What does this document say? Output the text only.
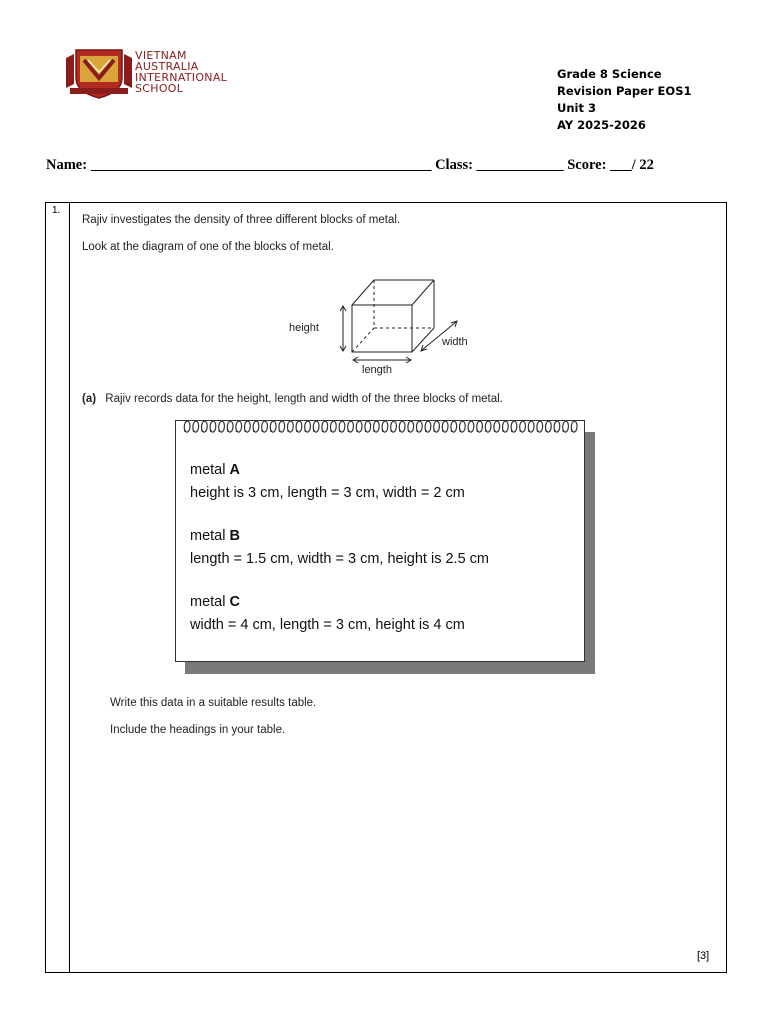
VIETNAM
AUSTRALIA
INTERNATIONAL
SCHOOL
Grade 8 Science
Revision Paper EOS1
Unit 3
AY 2025-2026
Name: _______________________________________________ Class: ____________ Score: ___/ 22
1.
Rajiv investigates the density of three different blocks of metal.
Look at the diagram of one of the blocks of metal.
height
width
length
(a) Rajiv records data for the height, length and width of the three blocks of metal.
metal A
height is 3 cm, length = 3 cm, width = 2 cm
metal B
length = 1.5 cm, width = 3 cm, height is 2.5 cm
metal C
width = 4 cm, length = 3 cm, height is 4 cm
Write this data in a suitable results table.
Include the headings in your table.
[3]
